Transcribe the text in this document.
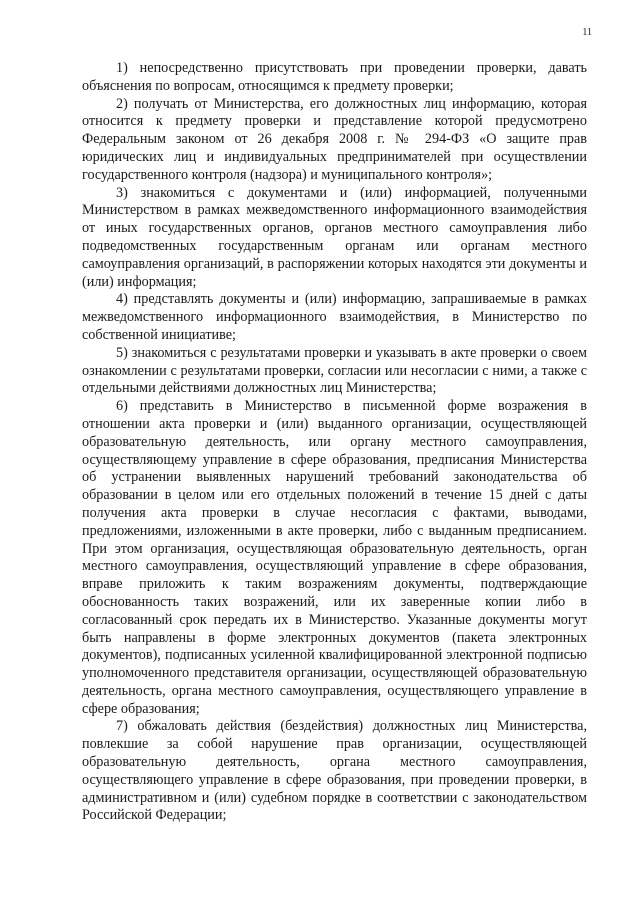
11

1) непосредственно присутствовать при проведении проверки, давать объяснения по вопросам, относящимся к предмету проверки;

2) получать от Министерства, его должностных лиц информацию, которая относится к предмету проверки и представление которой предусмотрено Федеральным законом от 26 декабря 2008 г. № 294-ФЗ «О защите прав юридических лиц и индивидуальных предпринимателей при осуществлении государственного контроля (надзора) и муниципального контроля»;

3) знакомиться с документами и (или) информацией, полученными Министерством в рамках межведомственного информационного взаимодействия от иных государственных органов, органов местного самоуправления либо подведомственных государственным органам или органам местного самоуправления организаций, в распоряжении которых находятся эти документы и (или) информация;

4) представлять документы и (или) информацию, запрашиваемые в рамках межведомственного информационного взаимодействия, в Министерство по собственной инициативе;

5) знакомиться с результатами проверки и указывать в акте проверки о своем ознакомлении с результатами проверки, согласии или несогласии с ними, а также с отдельными действиями должностных лиц Министерства;

6) представить в Министерство в письменной форме возражения в отношении акта проверки и (или) выданного организации, осуществляющей образовательную деятельность, или органу местного самоуправления, осуществляющему управление в сфере образования, предписания Министерства об устранении выявленных нарушений требований законодательства об образовании в целом или его отдельных положений в течение 15 дней с даты получения акта проверки в случае несогласия с фактами, выводами, предложениями, изложенными в акте проверки, либо с выданным предписанием. При этом организация, осуществляющая образовательную деятельность, орган местного самоуправления, осуществляющий управление в сфере образования, вправе приложить к таким возражениям документы, подтверждающие обоснованность таких возражений, или их заверенные копии либо в согласованный срок передать их в Министерство. Указанные документы могут быть направлены в форме электронных документов (пакета электронных документов), подписанных усиленной квалифицированной электронной подписью уполномоченного представителя организации, осуществляющей образовательную деятельность, органа местного самоуправления, осуществляющего управление в сфере образования;

7) обжаловать действия (бездействия) должностных лиц Министерства, повлекшие за собой нарушение прав организации, осуществляющей образовательную деятельность, органа местного самоуправления, осуществляющего управление в сфере образования, при проведении проверки, в административном и (или) судебном порядке в соответствии с законодательством Российской Федерации;
